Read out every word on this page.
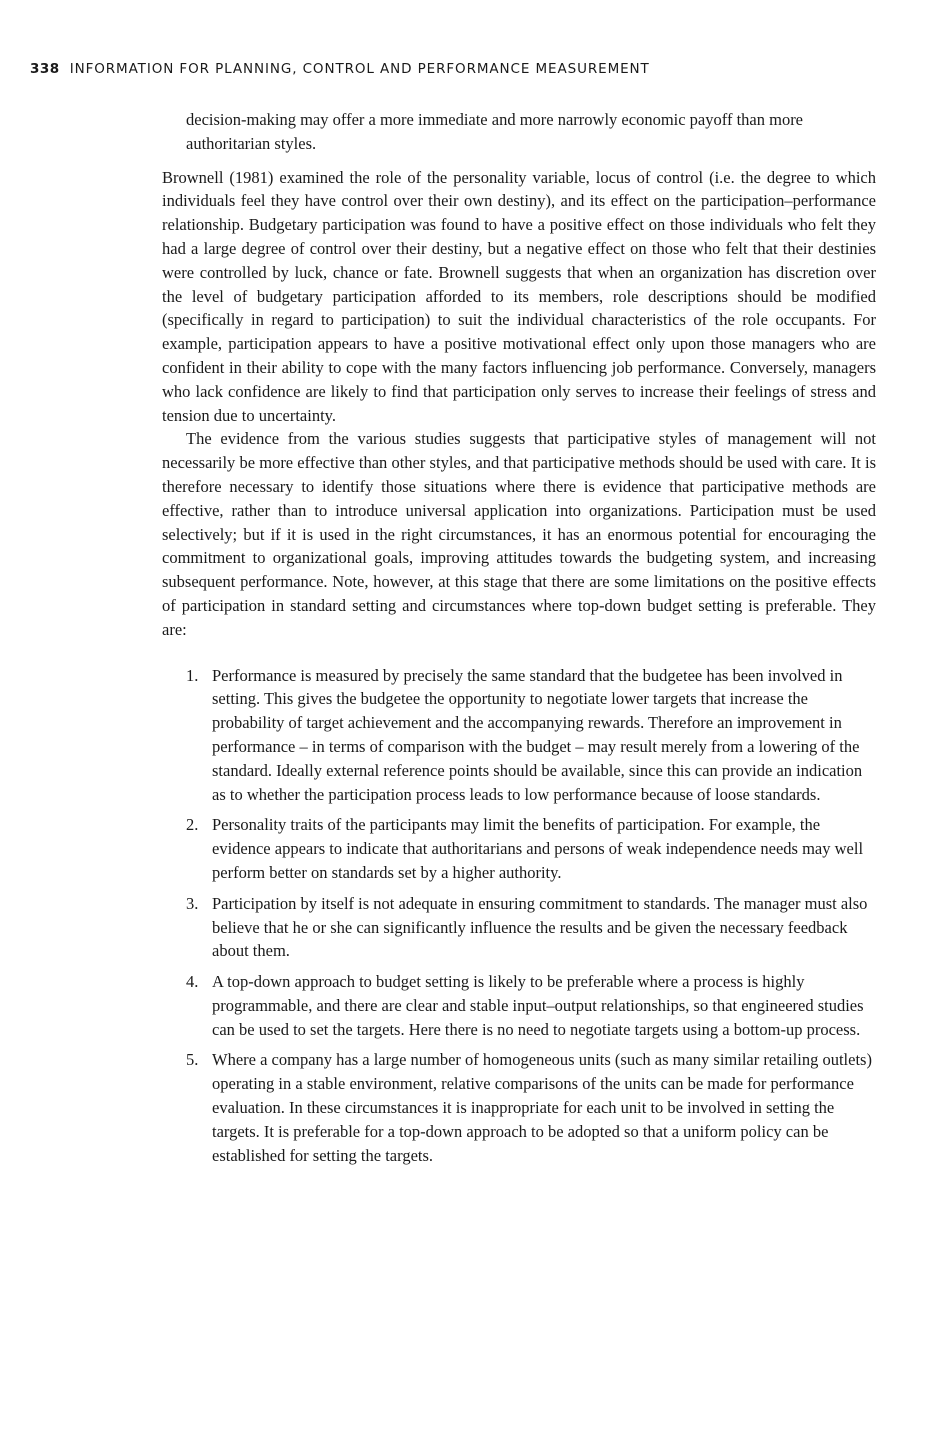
338 INFORMATION FOR PLANNING, CONTROL AND PERFORMANCE MEASUREMENT

decision-making may offer a more immediate and more narrowly economic payoff than more authoritarian styles.

Brownell (1981) examined the role of the personality variable, locus of control (i.e. the degree to which individuals feel they have control over their own destiny), and its effect on the participation–performance relationship. Budgetary participation was found to have a positive effect on those individuals who felt they had a large degree of control over their destiny, but a negative effect on those who felt that their destinies were controlled by luck, chance or fate. Brownell suggests that when an organization has discretion over the level of budgetary participation afforded to its members, role descriptions should be modified (specifically in regard to participation) to suit the individual characteristics of the role occupants. For example, participation appears to have a positive motivational effect only upon those managers who are confident in their ability to cope with the many factors influencing job performance. Conversely, managers who lack confidence are likely to find that participation only serves to increase their feelings of stress and tension due to uncertainty.

The evidence from the various studies suggests that participative styles of management will not necessarily be more effective than other styles, and that participative methods should be used with care. It is therefore necessary to identify those situations where there is evidence that participative methods are effective, rather than to introduce universal application into organizations. Participation must be used selectively; but if it is used in the right circumstances, it has an enormous potential for encouraging the commitment to organizational goals, improving attitudes towards the budgeting system, and increasing subsequent performance. Note, however, at this stage that there are some limitations on the positive effects of participation in standard setting and circumstances where top-down budget setting is preferable. They are:

1. Performance is measured by precisely the same standard that the budgetee has been involved in setting. This gives the budgetee the opportunity to negotiate lower targets that increase the probability of target achievement and the accompanying rewards. Therefore an improvement in performance – in terms of comparison with the budget – may result merely from a lowering of the standard. Ideally external reference points should be available, since this can provide an indication as to whether the participation process leads to low performance because of loose standards.
2. Personality traits of the participants may limit the benefits of participation. For example, the evidence appears to indicate that authoritarians and persons of weak independence needs may well perform better on standards set by a higher authority.
3. Participation by itself is not adequate in ensuring commitment to standards. The manager must also believe that he or she can significantly influence the results and be given the necessary feedback about them.
4. A top-down approach to budget setting is likely to be preferable where a process is highly programmable, and there are clear and stable input–output relationships, so that engineered studies can be used to set the targets. Here there is no need to negotiate targets using a bottom-up process.
5. Where a company has a large number of homogeneous units (such as many similar retailing outlets) operating in a stable environment, relative comparisons of the units can be made for performance evaluation. In these circumstances it is inappropriate for each unit to be involved in setting the targets. It is preferable for a top-down approach to be adopted so that a uniform policy can be established for setting the targets.
